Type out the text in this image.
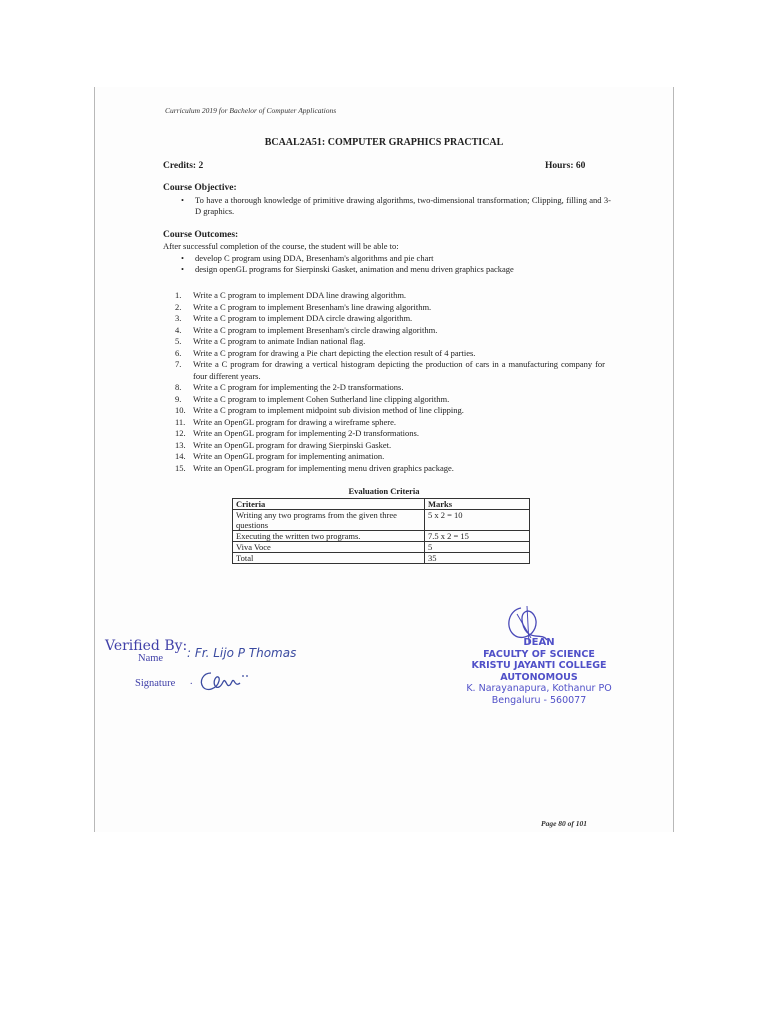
Curriculum 2019 for Bachelor of Computer Applications
BCAAL2A51: COMPUTER GRAPHICS PRACTICAL
Credits: 2	Hours: 60
Course Objective:
• To have a thorough knowledge of primitive drawing algorithms, two-dimensional transformation; Clipping, filling and 3-D graphics.
Course Outcomes:
After successful completion of the course, the student will be able to:
• develop C program using DDA, Bresenham's algorithms and pie chart
• design openGL programs for Sierpinski Gasket, animation and menu driven graphics package
1. Write a C program to implement DDA line drawing algorithm.
2. Write a C program to implement Bresenham's line drawing algorithm.
3. Write a C program to implement DDA circle drawing algorithm.
4. Write a C program to implement Bresenham's circle drawing algorithm.
5. Write a C program to animate Indian national flag.
6. Write a C program for drawing a Pie chart depicting the election result of 4 parties.
7. Write a C program for drawing a vertical histogram depicting the production of cars in a manufacturing company for four different years.
8. Write a C program for implementing the 2-D transformations.
9. Write a C program to implement Cohen Sutherland line clipping algorithm.
10. Write a C program to implement midpoint sub division method of line clipping.
11. Write an OpenGL program for drawing a wireframe sphere.
12. Write an OpenGL program for implementing 2-D transformations.
13. Write an OpenGL program for drawing Sierpinski Gasket.
14. Write an OpenGL program for implementing animation.
15. Write an OpenGL program for implementing menu driven graphics package.
Evaluation Criteria
Criteria	Marks
Writing any two programs from the given three questions	5 x 2 = 10
Executing the written two programs.	7.5 x 2 = 15
Viva Voce	5
Total	35
Verified By:
Name : Fr. Lijo P Thomas
Signature .
DEAN
FACULTY OF SCIENCE
KRISTU JAYANTI COLLEGE AUTONOMOUS
K. Narayanapura, Kothanur PO
Bengaluru - 560077
Page 80 of 101
